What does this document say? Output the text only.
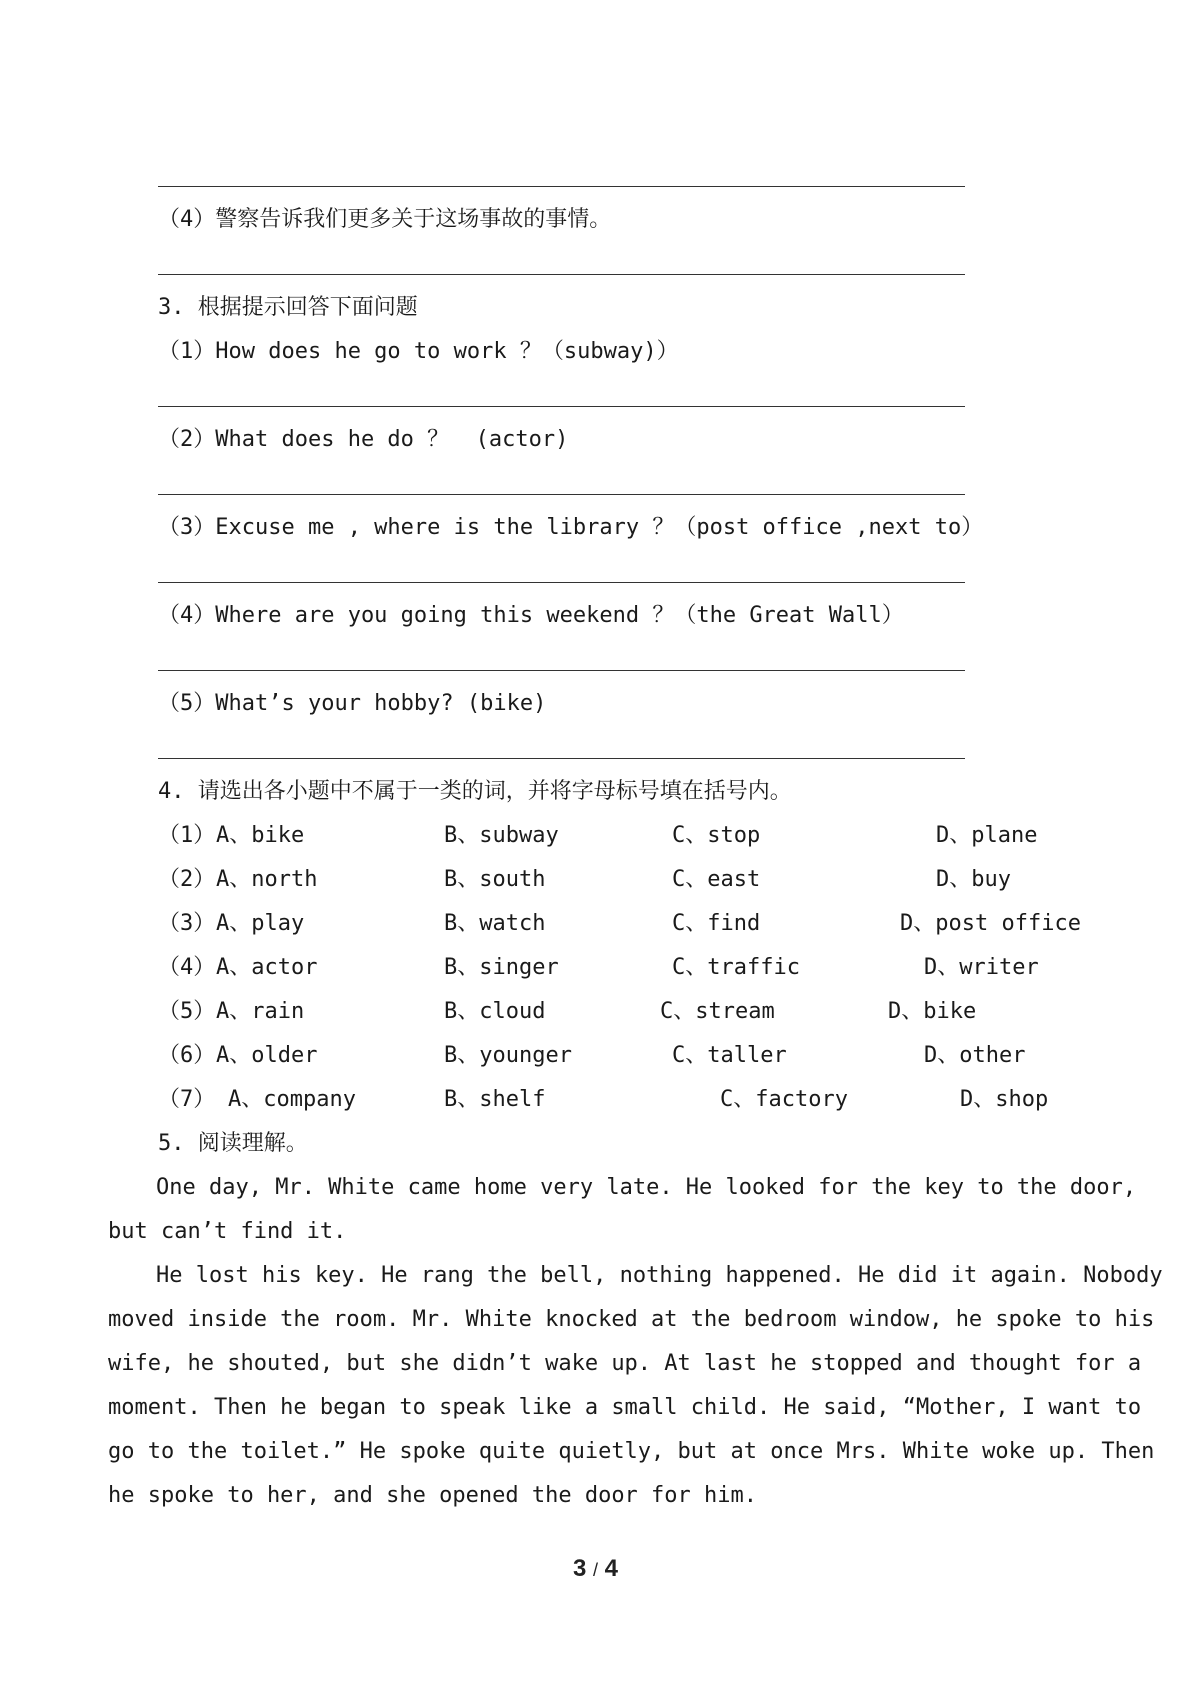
（4）警察告诉我们更多关于这场事故的事情。
3. 根据提示回答下面问题
（1）How does he go to work ？（subway)）
（2）What does he do ？  (actor)
（3）Excuse me , where is the library ？（post office ,next to）
（4）Where are you going this weekend ？（the Great Wall）
（5）What’s your hobby? (bike)
4. 请选出各小题中不属于一类的词，并将字母标号填在括号内。
（1） A、bike	B、subway	C、stop	D、plane
（2） A、north	B、south	C、east	D、buy
（3） A、play	B、watch	C、find	D、post office
（4） A、actor	B、singer	C、traffic	D、writer
（5） A、rain	B、cloud	C、stream	D、bike
（6） A、older	B、younger	C、taller	D、other
（7） A、company	B、shelf	C、factory	D、shop
5. 阅读理解。
One day, Mr. White came home very late. He looked for the key to the door,
but can’t find it.
He lost his key. He rang the bell, nothing happened. He did it again. Nobody
moved inside the room. Mr. White knocked at the bedroom window, he spoke to his
wife, he shouted, but she didn’t wake up. At last he stopped and thought for a
moment. Then he began to speak like a small child. He said, “Mother, I want to
go to the toilet.” He spoke quite quietly, but at once Mrs. White woke up. Then
he spoke to her, and she opened the door for him.
3 / 4
